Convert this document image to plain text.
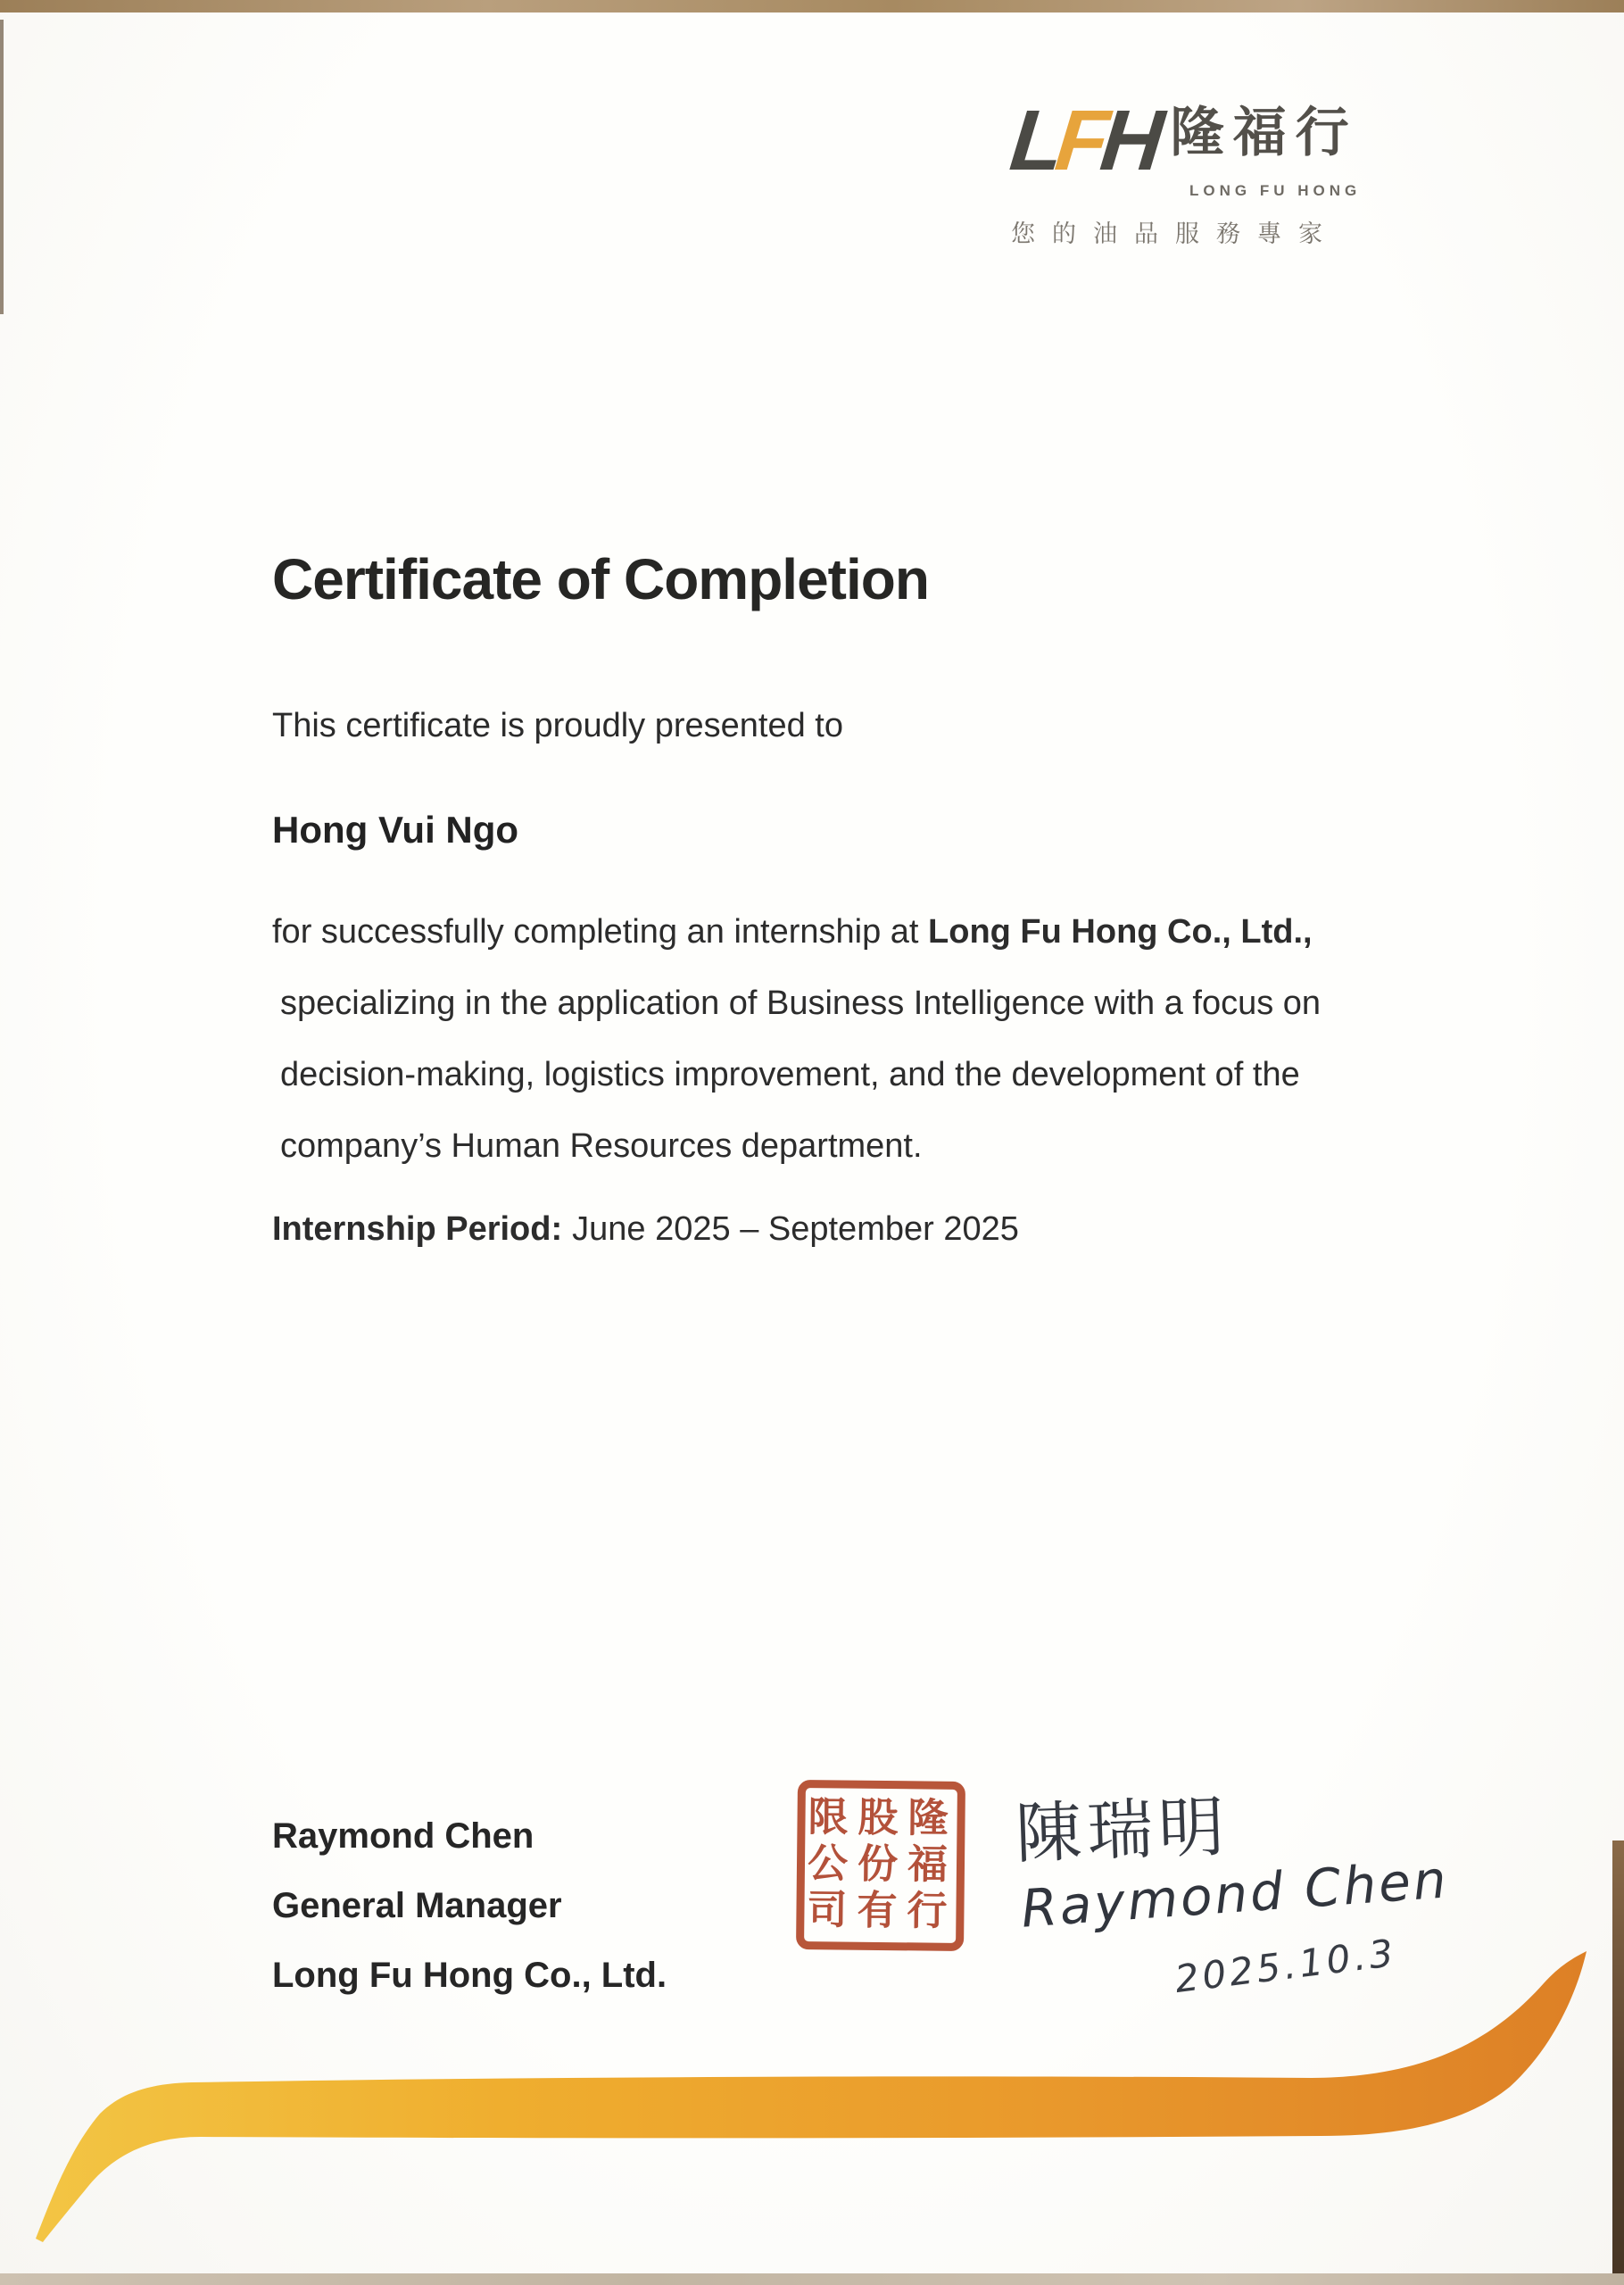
LFH 隆福行
LONG FU HONG
您的油品服務專家
Certificate of Completion
This certificate is proudly presented to
Hong Vui Ngo
for successfully completing an internship at Long Fu Hong Co., Ltd.,
specializing in the application of Business Intelligence with a focus on
decision-making, logistics improvement, and the development of the
company’s Human Resources department.
Internship Period: June 2025 – September 2025
Raymond Chen
General Manager
Long Fu Hong Co., Ltd.
隆福行股份有限公司	陳瑞明
Raymond Chen
2025.10.3
